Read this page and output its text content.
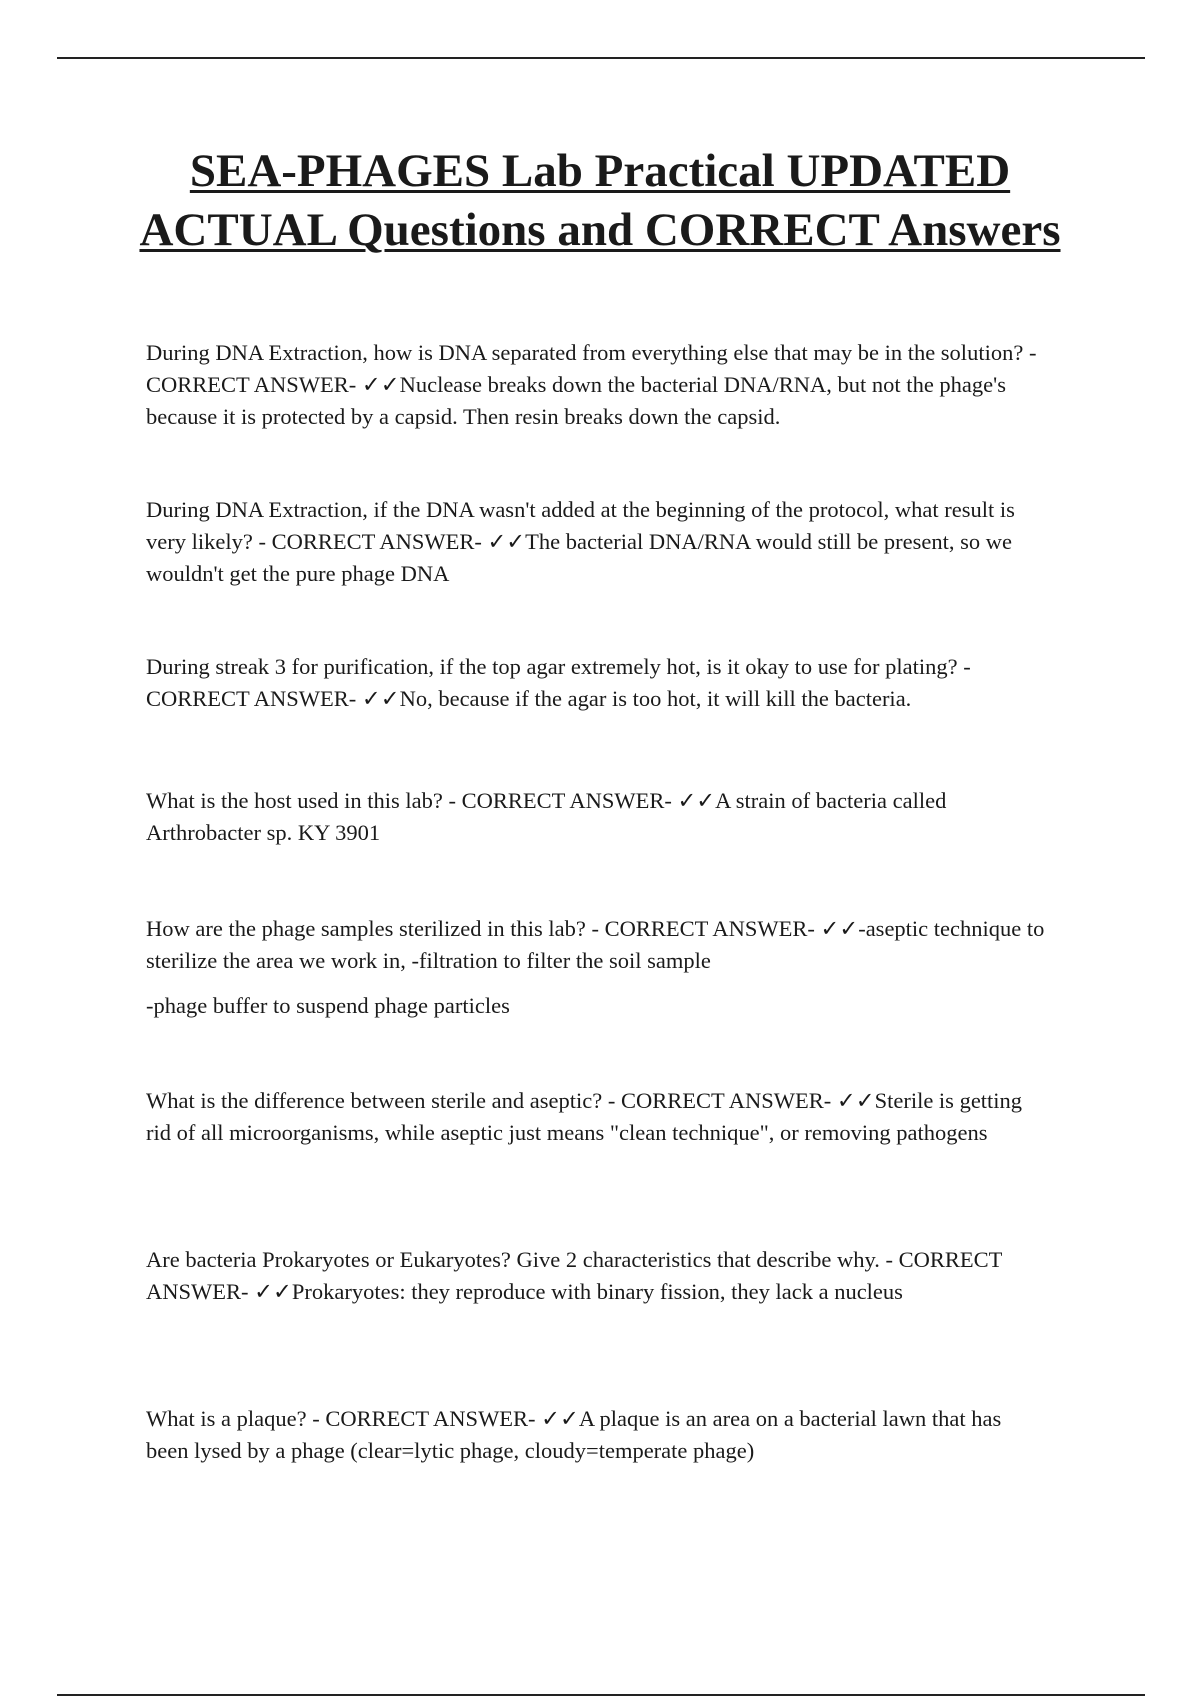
SEA-PHAGES Lab Practical UPDATED ACTUAL Questions and CORRECT Answers

During DNA Extraction, how is DNA separated from everything else that may be in the solution? - CORRECT ANSWER- ✓✓Nuclease breaks down the bacterial DNA/RNA, but not the phage's because it is protected by a capsid. Then resin breaks down the capsid.

During DNA Extraction, if the DNA wasn't added at the beginning of the protocol, what result is very likely? - CORRECT ANSWER- ✓✓The bacterial DNA/RNA would still be present, so we wouldn't get the pure phage DNA

During streak 3 for purification, if the top agar extremely hot, is it okay to use for plating? - CORRECT ANSWER- ✓✓No, because if the agar is too hot, it will kill the bacteria.

What is the host used in this lab? - CORRECT ANSWER- ✓✓A strain of bacteria called Arthrobacter sp. KY 3901

How are the phage samples sterilized in this lab? - CORRECT ANSWER- ✓✓-aseptic technique to sterilize the area we work in, -filtration to filter the soil sample

-phage buffer to suspend phage particles

What is the difference between sterile and aseptic? - CORRECT ANSWER- ✓✓Sterile is getting rid of all microorganisms, while aseptic just means "clean technique", or removing pathogens

Are bacteria Prokaryotes or Eukaryotes? Give 2 characteristics that describe why. - CORRECT ANSWER- ✓✓Prokaryotes: they reproduce with binary fission, they lack a nucleus

What is a plaque? - CORRECT ANSWER- ✓✓A plaque is an area on a bacterial lawn that has been lysed by a phage (clear=lytic phage, cloudy=temperate phage)
